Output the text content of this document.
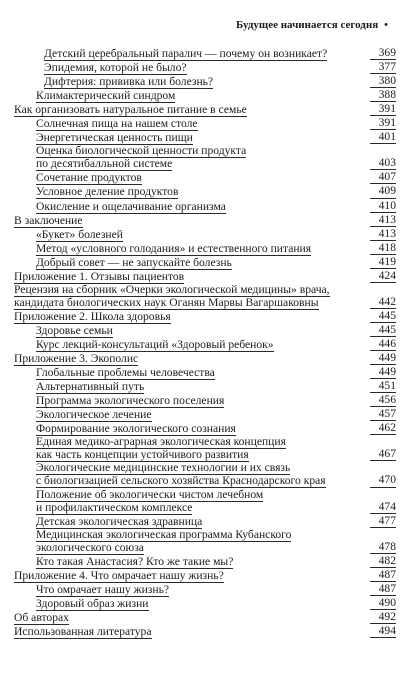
Будущее начинается сегодня •
Детский церебральный паралич — почему он возникает?	369
Эпидемия, которой не было?	377
Дифтерия: прививка или болезнь?	380
Климактерический синдром	388
Как организовать натуральное питание в семье	391
Солнечная пища на нашем столе	391
Энергетическая ценность пищи	401
Оценка биологической ценности продукта
по десятибалльной системе	403
Сочетание продуктов	407
Условное деление продуктов	409
Окисление и ощелачивание организма	410
В заключение	413
«Букет» болезней	413
Метод «условного голодания» и естественного питания	418
Добрый совет — не запускайте болезнь	419
Приложение 1. Отзывы пациентов	424
Рецензия на сборник «Очерки экологической медицины» врача,
кандидата биологических наук Оганян Марвы Вагаршаковны	442
Приложение 2. Школа здоровья	445
Здоровье семьи	445
Курс лекций-консультаций «Здоровый ребенок»	446
Приложение 3. Экополис	449
Глобальные проблемы человечества	449
Альтернативный путь	451
Программа экологического поселения	456
Экологическое лечение	457
Формирование экологического сознания	462
Единая медико-аграрная экологическая концепция
как часть концепции устойчивого развития	467
Экологические медицинские технологии и их связь
с биологизацией сельского хозяйства Краснодарского края	470
Положение об экологически чистом лечебном
и профилактическом комплексе	474
Детская экологическая здравница	477
Медицинская экологическая программа Кубанского
экологического союза	478
Кто такая Анастасия? Кто же такие мы?	482
Приложение 4. Что омрачает нашу жизнь?	487
Что омрачает нашу жизнь?	487
Здоровый образ жизни	490
Об авторах	492
Использованная литература	494
